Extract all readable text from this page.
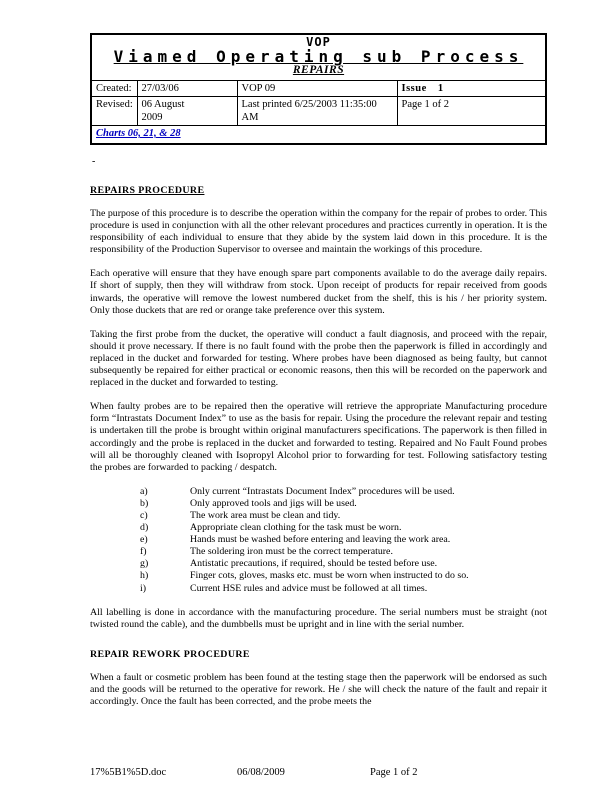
VOP
Viamed Operating sub Process			

REPAIRS			
Created:	27/03/06	VOP 09	Issue 1
Revised:	06 August 2009	Last printed 6/25/2003 11:35:00 AM	Page 1 of 2
Charts 06, 21, & 28			
-
REPAIRS PROCEDURE

The purpose of this procedure is to describe the operation within the company for the repair of probes to order. This procedure is used in conjunction with all the other relevant procedures and practices currently in operation. It is the responsibility of each individual to ensure that they abide by the system laid down in this procedure. It is the responsibility of the Production Supervisor to oversee and maintain the workings of this procedure.

Each operative will ensure that they have enough spare part components available to do the average daily repairs. If short of supply, then they will withdraw from stock. Upon receipt of products for repair received from goods inwards, the operative will remove the lowest numbered ducket from the shelf, this is his / her priority system. Only those duckets that are red or orange take preference over this system.

Taking the first probe from the ducket, the operative will conduct a fault diagnosis, and proceed with the repair, should it prove necessary. If there is no fault found with the probe then the paperwork is filled in accordingly and replaced in the ducket and forwarded for testing. Where probes have been diagnosed as being faulty, but cannot subsequently be repaired for either practical or economic reasons, then this will be recorded on the paperwork and replaced in the ducket and forwarded to testing.

When faulty probes are to be repaired then the operative will retrieve the appropriate Manufacturing procedure form “Intrastats Document Index” to use as the basis for repair. Using the procedure the relevant repair and testing is undertaken till the probe is brought within original manufacturers specifications. The paperwork is then filled in accordingly and the probe is replaced in the ducket and forwarded to testing. Repaired and No Fault Found probes will all be thoroughly cleaned with Isopropyl Alcohol prior to forwarding for test. Following satisfactory testing the probes are forwarded to packing / despatch.

a)	Only current “Intrastats Document Index” procedures will be used.
b)	Only approved tools and jigs will be used.
c)	The work area must be clean and tidy.
d)	Appropriate clean clothing for the task must be worn.
e)	Hands must be washed before entering and leaving the work area.
f)	The soldering iron must be the correct temperature.
g)	Antistatic precautions, if required, should be tested before use.
h)	Finger cots, gloves, masks etc. must be worn when instructed to do so.
i)	Current HSE rules and advice must be followed at all times.

All labelling is done in accordance with the manufacturing procedure. The serial numbers must be straight (not twisted round the cable), and the dumbbells must be upright and in line with the serial number.

REPAIR REWORK PROCEDURE

When a fault or cosmetic problem has been found at the testing stage then the paperwork will be endorsed as such and the goods will be returned to the operative for rework. He / she will check the nature of the fault and repair it accordingly. Once the fault has been corrected, and the probe meets the

17%5B1%5D.doc	06/08/2009	Page 1 of 2
